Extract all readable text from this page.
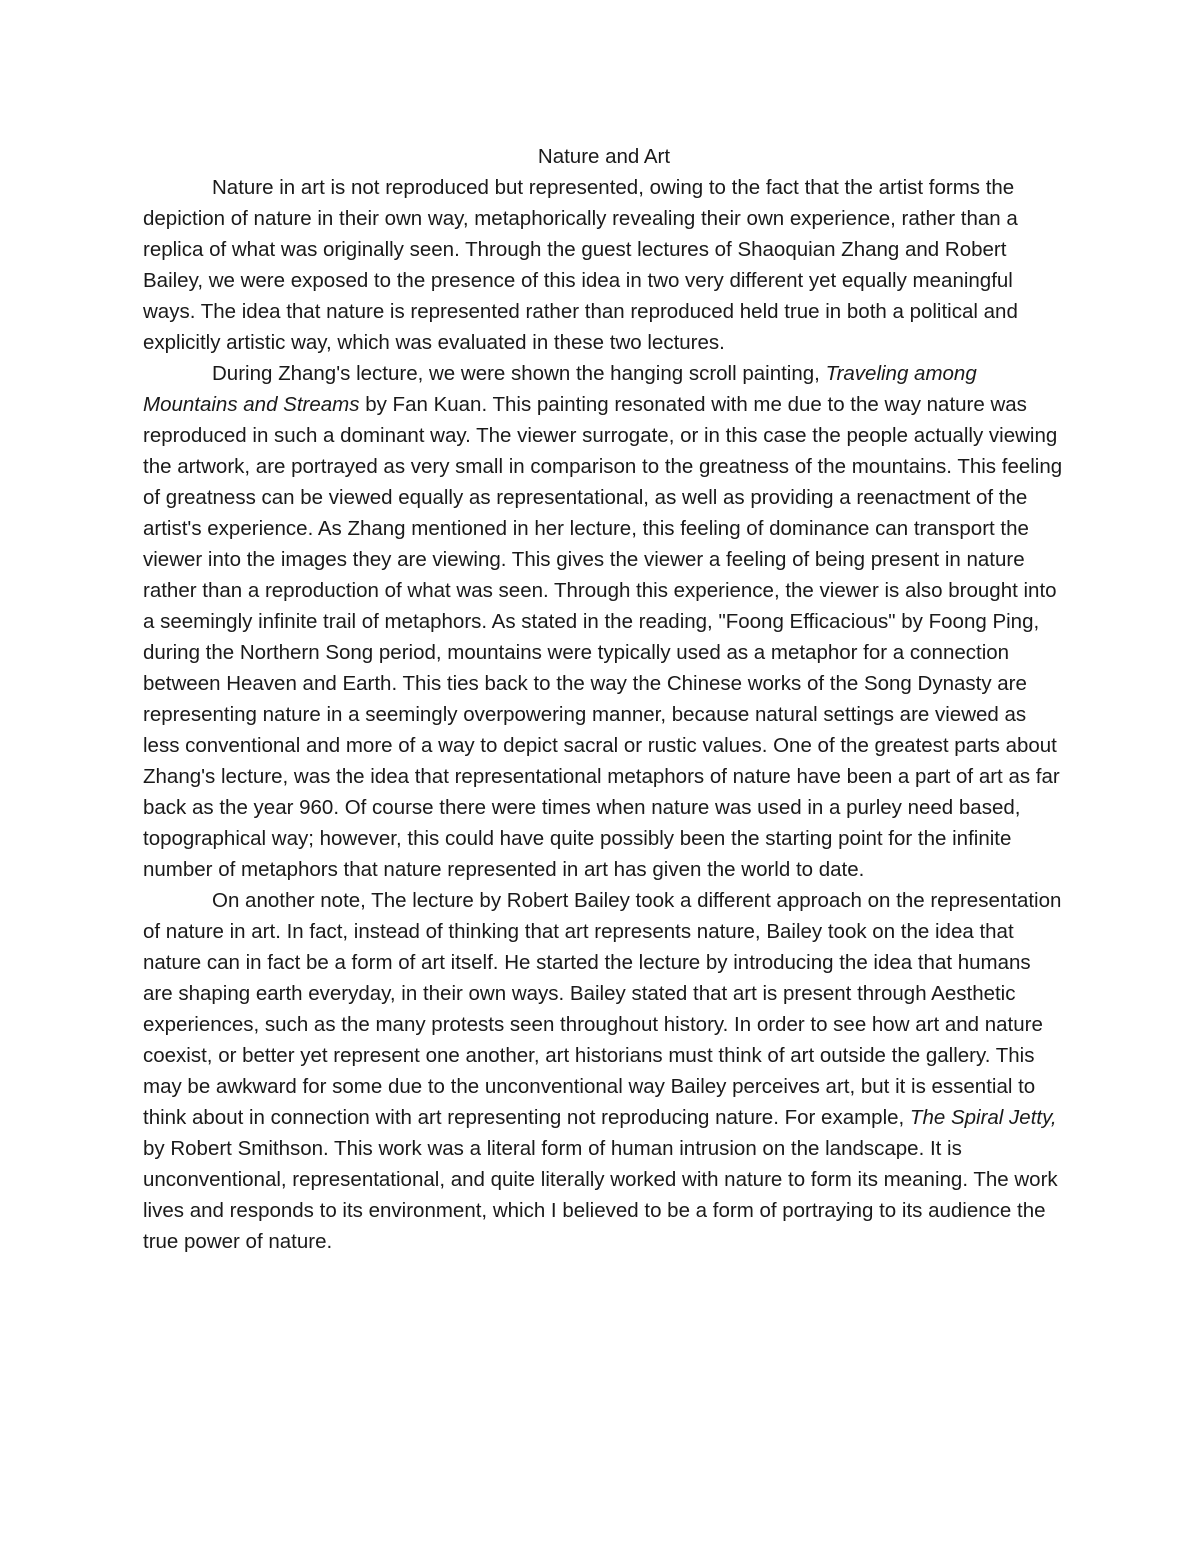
Nature and Art

Nature in art is not reproduced but represented, owing to the fact that the artist forms the depiction of nature in their own way, metaphorically revealing their own experience, rather than a replica of what was originally seen. Through the guest lectures of Shaoquian Zhang and Robert Bailey, we were exposed to the presence of this idea in two very different yet equally meaningful ways. The idea that nature is represented rather than reproduced held true in both a political and explicitly artistic way, which was evaluated in these two lectures.

During Zhang's lecture, we were shown the hanging scroll painting, Traveling among Mountains and Streams by Fan Kuan. This painting resonated with me due to the way nature was reproduced in such a dominant way. The viewer surrogate, or in this case the people actually viewing the artwork, are portrayed as very small in comparison to the greatness of the mountains. This feeling of greatness can be viewed equally as representational, as well as providing a reenactment of the artist's experience. As Zhang mentioned in her lecture, this feeling of dominance can transport the viewer into the images they are viewing. This gives the viewer a feeling of being present in nature rather than a reproduction of what was seen. Through this experience, the viewer is also brought into a seemingly infinite trail of metaphors. As stated in the reading, "Foong Efficacious" by Foong Ping, during the Northern Song period, mountains were typically used as a metaphor for a connection between Heaven and Earth. This ties back to the way the Chinese works of the Song Dynasty are representing nature in a seemingly overpowering manner, because natural settings are viewed as less conventional and more of a way to depict sacral or rustic values. One of the greatest parts about Zhang's lecture, was the idea that representational metaphors of nature have been a part of art as far back as the year 960. Of course there were times when nature was used in a purley need based, topographical way; however, this could have quite possibly been the starting point for the infinite number of metaphors that nature represented in art has given the world to date.

On another note, The lecture by Robert Bailey took a different approach on the representation of nature in art. In fact, instead of thinking that art represents nature, Bailey took on the idea that nature can in fact be a form of art itself. He started the lecture by introducing the idea that humans are shaping earth everyday, in their own ways. Bailey stated that art is present through Aesthetic experiences, such as the many protests seen throughout history. In order to see how art and nature coexist, or better yet represent one another, art historians must think of art outside the gallery. This may be awkward for some due to the unconventional way Bailey perceives art, but it is essential to think about in connection with art representing not reproducing nature. For example, The Spiral Jetty, by Robert Smithson. This work was a literal form of human intrusion on the landscape. It is unconventional, representational, and quite literally worked with nature to form its meaning. The work lives and responds to its environment, which I believed to be a form of portraying to its audience the true power of nature.
